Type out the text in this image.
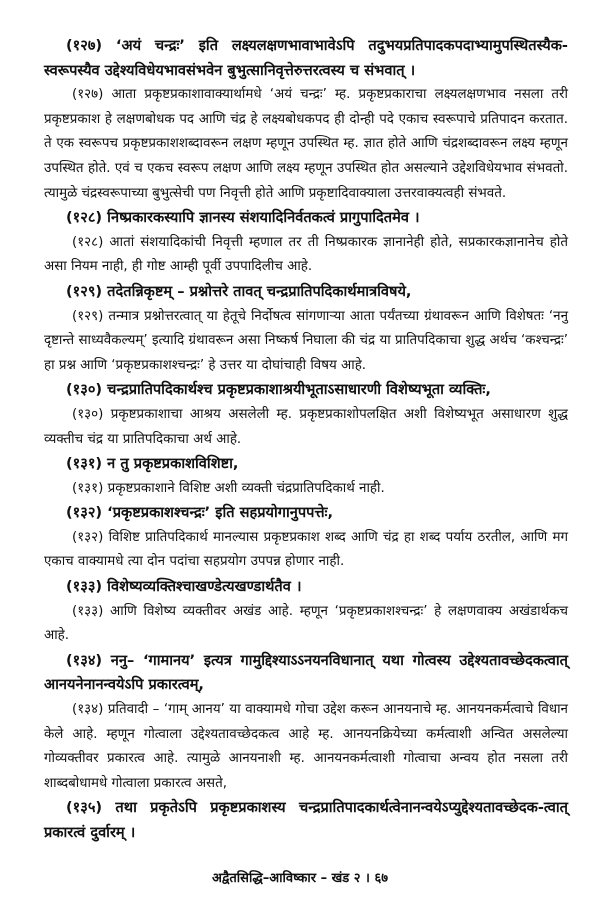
(१२७) ‘अयं चन्द्रः’ इति लक्ष्यलक्षणभावाभावेऽपि तदुभयप्रतिपादकपदाभ्यामुपस्थितस्यैक-स्वरूपस्यैव उद्देश्यविधेयभावसंभवेन बुभुत्सानिवृत्तेरुत्तरत्वस्य च संभवात् ।

(१२७) आता प्रकृष्टप्रकाशावाक्यार्थामधे ‘अयं चन्द्रः’ म्ह. प्रकृष्टप्रकाराचा लक्ष्यलक्षणभाव नसला तरी प्रकृष्टप्रकाश हे लक्षणबोधक पद आणि चंद्र हे लक्ष्यबोधकपद ही दोन्ही पदे एकाच स्वरूपाचे प्रतिपादन करतात. ते एक स्वरूपच प्रकृष्टप्रकाशशब्दावरून लक्षण म्हणून उपस्थित म्ह. ज्ञात होते आणि चंद्रशब्दावरून लक्ष्य म्हणून उपस्थित होते. एवं च एकच स्वरूप लक्षण आणि लक्ष्य म्हणून उपस्थित होत असल्याने उद्देशविधेयभाव संभवतो. त्यामुळे चंद्रस्वरूपाच्या बुभुत्सेची पण निवृत्ती होते आणि प्रकृष्टादिवाक्याला उत्तरवाक्यत्वही संभवते.

(१२८) निष्प्रकारकस्यापि ज्ञानस्य संशयादिनिर्वतकत्वं प्रागुपादितमेव ।

(१२८) आतां संशयादिकांची निवृत्ती म्हणाल तर ती निष्प्रकारक ज्ञानानेही होते, सप्रकारकज्ञानानेच होते असा नियम नाही, ही गोष्ट आम्ही पूर्वी उपपादिलीच आहे.

(१२९) तदेतन्निकृष्टम् – प्रश्नोत्तरे तावत् चन्द्रप्रातिपदिकार्थमात्रविषये,

(१२९) तन्मात्र प्रश्नोत्तरत्वात् या हेतूचे निर्दोषत्व सांगणाऱ्या आता पर्यंतच्या ग्रंथावरून आणि विशेषतः ‘ननु दृष्टान्ते साध्यवैकल्यम्’ इत्यादि ग्रंथावरून असा निष्कर्ष निघाला की चंद्र या प्रातिपदिकाचा शुद्ध अर्थच ‘कश्चन्द्रः’ हा प्रश्न आणि ‘प्रकृष्टप्रकाशश्चन्द्रः’ हे उत्तर या दोघांचाही विषय आहे.

(१३०) चन्द्रप्रातिपदिकार्थश्च प्रकृष्टप्रकाशाश्रयीभूताऽसाधारणी विशेष्यभूता व्यक्तिः,

(१३०) प्रकृष्टप्रकाशाचा आश्रय असलेली म्ह. प्रकृष्टप्रकाशोपलक्षित अशी विशेष्यभूत असाधारण शुद्ध व्यक्तीच चंद्र या प्रातिपदिकाचा अर्थ आहे.

(१३१) न तु प्रकृष्टप्रकाशविशिष्टा,

(१३१) प्रकृष्टप्रकाशाने विशिष्ट अशी व्यक्ती चंद्रप्रातिपदिकार्थ नाही.

(१३२) ‘प्रकृष्टप्रकाशश्चन्द्रः’ इति सहप्रयोगानुपपत्तेः,

(१३२) विशिष्ट प्रातिपदिकार्थ मानल्यास प्रकृष्टप्रकाश शब्द आणि चंद्र हा शब्द पर्याय ठरतील, आणि मग एकाच वाक्यामधे त्या दोन पदांचा सहप्रयोग उपपन्न होणार नाही.

(१३३) विशेष्यव्यक्तिश्चाखण्डेत्यखण्डार्थतैव ।

(१३३) आणि विशेष्य व्यक्तीवर अखंड आहे. म्हणून ‘प्रकृष्टप्रकाशश्चन्द्रः’ हे लक्षणवाक्य अखंडार्थकच आहे.

(१३४) ननु– ‘गामानय’ इत्यत्र गामुद्दिश्याऽऽनयनविधानात् यथा गोत्वस्य उद्देश्यतावच्छेदकत्वात् आनयनेनानन्वयेऽपि प्रकारत्वम्,

(१३४) प्रतिवादी – ‘गाम् आनय’ या वाक्यामधे गोचा उद्देश करून आनयनाचे म्ह. आनयनकर्मत्वाचे विधान केले आहे. म्हणून गोत्वाला उद्देश्यतावच्छेदकत्व आहे म्ह. आनयनक्रियेच्या कर्मत्वाशी अन्वित असलेल्या गोव्यक्तीवर प्रकारत्व आहे. त्यामुळे आनयनाशी म्ह. आनयनकर्मत्वाशी गोत्वाचा अन्वय होत नसला तरी शाब्दबोधामधे गोत्वाला प्रकारत्व असते,

(१३५) तथा प्रकृतेऽपि प्रकृष्टप्रकाशस्य चन्द्रप्रातिपादकार्थत्वेनानन्वयेऽप्युद्देश्यतावच्छेदक-त्वात् प्रकारत्वं दुर्वारम् ।

अद्वैतसिद्धि–आविष्कार – खंड २ । ६७
